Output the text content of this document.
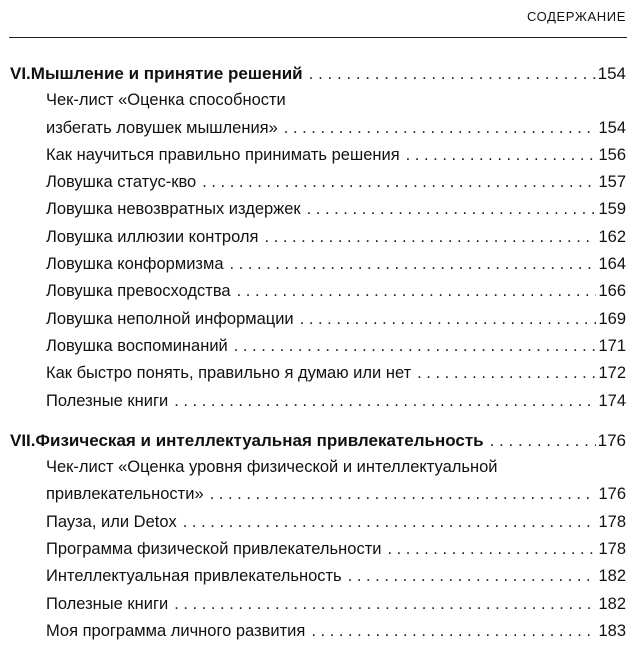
СОДЕРЖАНИЕ
VI. Мышление и принятие решений . . .	154
Чек-лист «Оценка способности
избегать ловушек мышления» . . .	154
Как научиться правильно принимать решения . . .	156
Ловушка статус-кво . . .	157
Ловушка невозвратных издержек . . .	159
Ловушка иллюзии контроля . . .	162
Ловушка конформизма . . .	164
Ловушка превосходства . . .	166
Ловушка неполной информации . . .	169
Ловушка воспоминаний . . .	171
Как быстро понять, правильно я думаю или нет . . .	172
Полезные книги . . .	174
VII. Физическая и интеллектуальная привлекательность . . .	176
Чек-лист «Оценка уровня физической и интеллектуальной
привлекательности» . . .	176
Пауза, или Detox . . .	178
Программа физической привлекательности . . .	178
Интеллектуальная привлекательность . . .	182
Полезные книги . . .	182
Моя программа личного развития . . .	183
